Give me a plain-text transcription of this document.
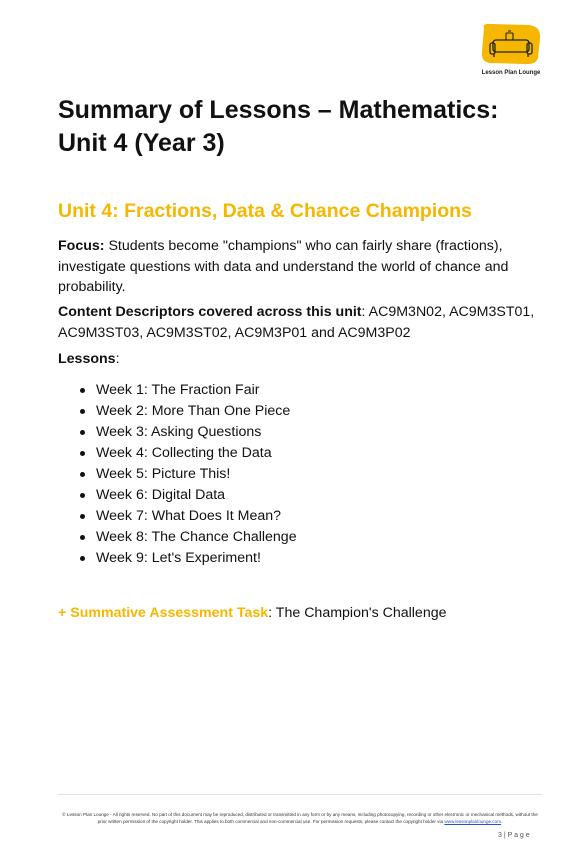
Lesson Plan Lounge
Summary of Lessons – Mathematics: Unit 4 (Year 3)
Unit 4: Fractions, Data & Chance Champions

Focus: Students become "champions" who can fairly share (fractions), investigate questions with data and understand the world of chance and probability.

Content Descriptors covered across this unit: AC9M3N02, AC9M3ST01, AC9M3ST03, AC9M3ST02, AC9M3P01 and AC9M3P02

Lessons:

Week 1: The Fraction Fair
Week 2: More Than One Piece
Week 3: Asking Questions
Week 4: Collecting the Data
Week 5: Picture This!
Week 6: Digital Data
Week 7: What Does It Mean?
Week 8: The Chance Challenge
Week 9: Let's Experiment!

+ Summative Assessment Task: The Champion's Challenge

© Lesson Plan Lounge - All rights reserved. No part of this document may be reproduced, distributed or transmitted in any form or by any means, including photocopying, recording or other electronic or mechanical methods, without the prior written permission of the copyright holder. This applies to both commercial and non-commercial use. For permission requests, please contact the copyright holder via www.lessonplanlounge.com.

3 | P a g e
